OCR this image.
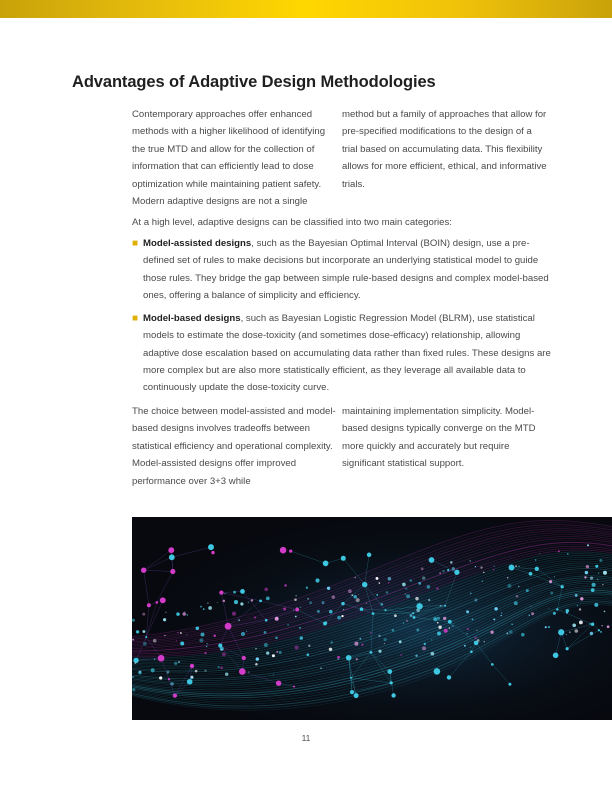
Advantages of Adaptive Design Methodologies

Contemporary approaches offer enhanced methods with a higher likelihood of identifying the true MTD and allow for the collection of information that can efficiently lead to dose optimization while maintaining patient safety. Modern adaptive designs are not a single

method but a family of approaches that allow for pre-specified modifications to the design of a trial based on accumulating data. This flexibility allows for more efficient, ethical, and informative trials.

At a high level, adaptive designs can be classified into two main categories:

■ Model-assisted designs, such as the Bayesian Optimal Interval (BOIN) design, use a pre-defined set of rules to make decisions but incorporate an underlying statistical model to guide those rules. They bridge the gap between simple rule-based designs and complex model-based ones, offering a balance of simplicity and efficiency.
■ Model-based designs, such as Bayesian Logistic Regression Model (BLRM), use statistical models to estimate the dose-toxicity (and sometimes dose-efficacy) relationship, allowing adaptive dose escalation based on accumulating data rather than fixed rules. These designs are more complex but are also more statistically efficient, as they leverage all available data to continuously update the dose-toxicity curve.

The choice between model-assisted and model-based designs involves tradeoffs between statistical efficiency and operational complexity. Model-assisted designs offer improved performance over 3+3 while

maintaining implementation simplicity. Model-based designs typically converge on the MTD more quickly and accurately but require significant statistical support.

11
